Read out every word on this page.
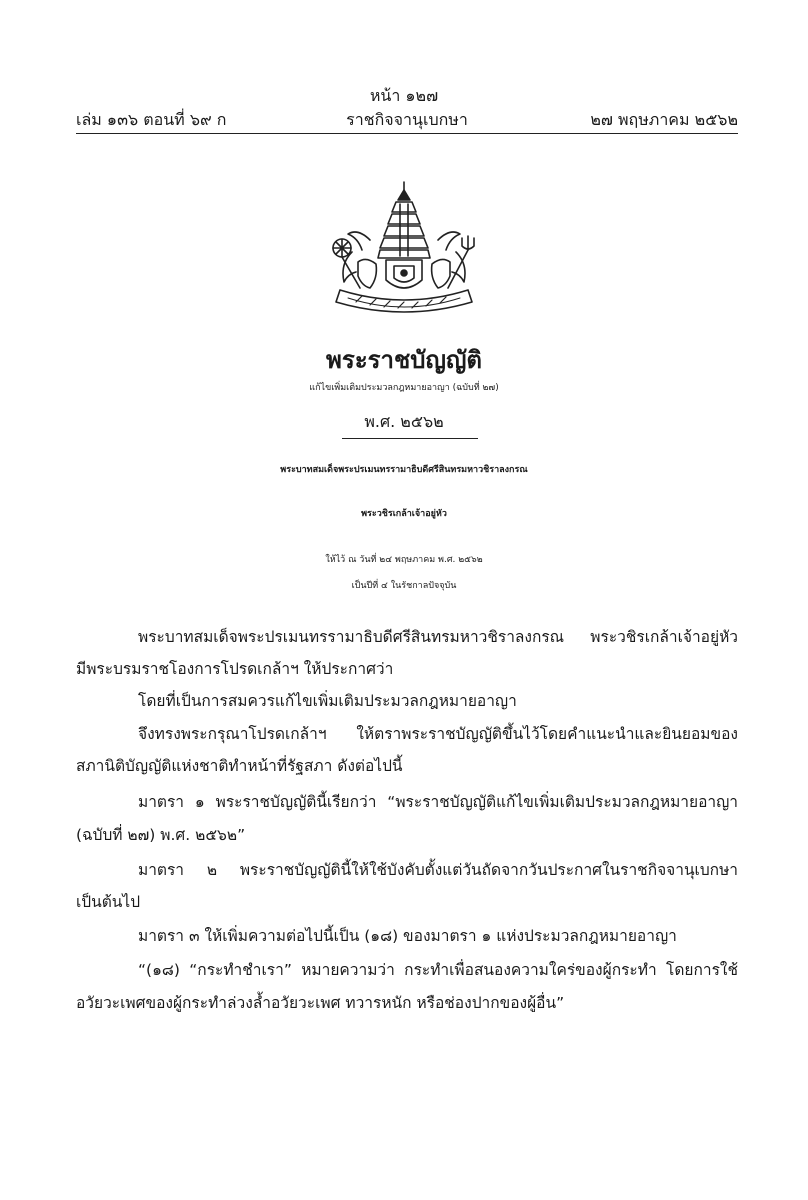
หน้า ๑๒๗
ราชกิจจานุเบกษา
เล่ม ๑๓๖ ตอนที่ ๖๙ ก	๒๗ พฤษภาคม ๒๕๖๒
พระราชบัญญัติ
แก้ไขเพิ่มเติมประมวลกฎหมายอาญา (ฉบับที่ ๒๗)
พ.ศ. ๒๕๖๒
พระบาทสมเด็จพระปรเมนทรรามาธิบดีศรีสินทรมหาวชิราลงกรณ
พระวชิรเกล้าเจ้าอยู่หัว
ให้ไว้ ณ วันที่ ๒๔ พฤษภาคม พ.ศ. ๒๕๖๒
เป็นปีที่ ๔ ในรัชกาลปัจจุบัน
พระบาทสมเด็จพระปรเมนทรรามาธิบดีศรีสินทรมหาวชิราลงกรณ พระวชิรเกล้าเจ้าอยู่หัว
มีพระบรมราชโองการโปรดเกล้าฯ ให้ประกาศว่า
โดยที่เป็นการสมควรแก้ไขเพิ่มเติมประมวลกฎหมายอาญา
จึงทรงพระกรุณาโปรดเกล้าฯ ให้ตราพระราชบัญญัติขึ้นไว้โดยคำแนะนำและยินยอมของ
สภานิติบัญญัติแห่งชาติทำหน้าที่รัฐสภา ดังต่อไปนี้
มาตรา ๑ พระราชบัญญัตินี้เรียกว่า “พระราชบัญญัติแก้ไขเพิ่มเติมประมวลกฎหมายอาญา
(ฉบับที่ ๒๗) พ.ศ. ๒๕๖๒”
มาตรา ๒ พระราชบัญญัตินี้ให้ใช้บังคับตั้งแต่วันถัดจากวันประกาศในราชกิจจานุเบกษา
เป็นต้นไป
มาตรา ๓ ให้เพิ่มความต่อไปนี้เป็น (๑๘) ของมาตรา ๑ แห่งประมวลกฎหมายอาญา
“(๑๘) “กระทำชำเรา” หมายความว่า กระทำเพื่อสนองความใคร่ของผู้กระทำ โดยการใช้
อวัยวะเพศของผู้กระทำล่วงล้ำอวัยวะเพศ ทวารหนัก หรือช่องปากของผู้อื่น”
